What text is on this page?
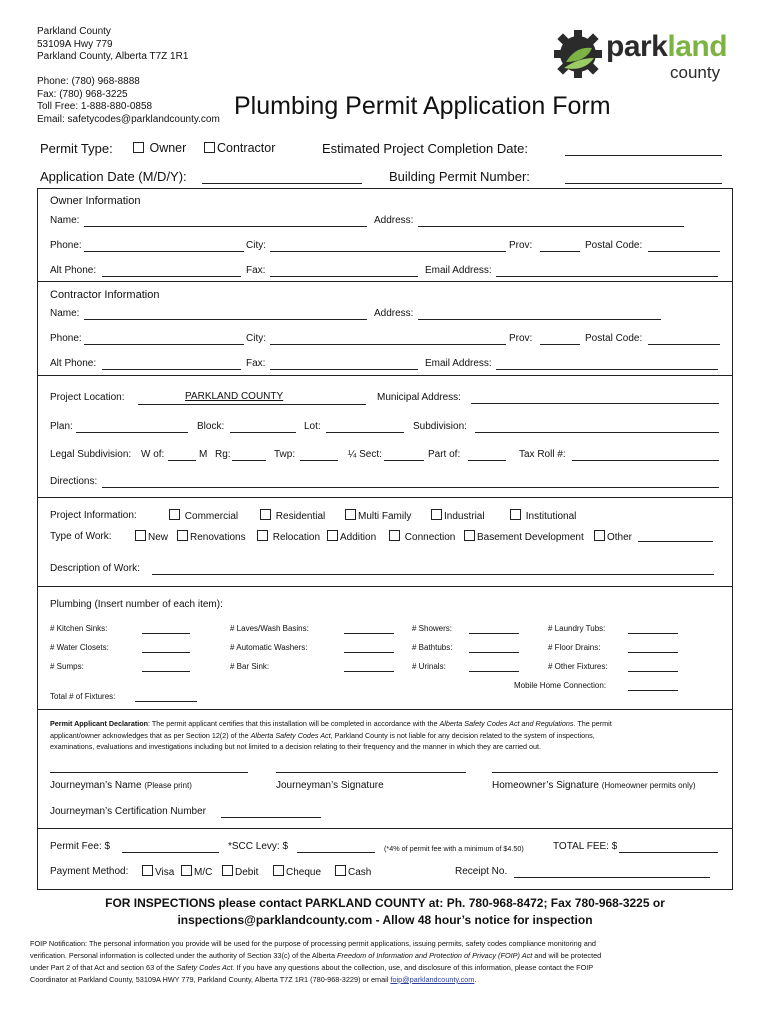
Parkland County
53109A Hwy 779
Parkland County, Alberta T7Z 1R1
Phone: (780) 968-8888
Fax: (780) 968-3225
Toll Free: 1-888-880-0858
Email: safetycodes@parklandcounty.com
parkland
county
Plumbing Permit Application Form
Permit Type:	Owner	Contractor	Estimated Project Completion Date:
Application Date (M/D/Y):	Building Permit Number:
Owner Information
Name:	Address:
Phone:	City:	Prov:	Postal Code:
Alt Phone:	Fax:	Email Address:
Contractor Information
Name:	Address:
Phone:	City:	Prov:	Postal Code:
Alt Phone:	Fax:	Email Address:
Project Location:	PARKLAND COUNTY	Municipal Address:
Plan:	Block:	Lot:	Subdivision:
Legal Subdivision: W of:	M Rg:	Twp:	¼ Sect:	Part of:	Tax Roll #:
Directions:
Project Information:	Commercial	Residential	Multi Family	Industrial	Institutional
Type of Work:	New	Renovations	Relocation	Addition	Connection	Basement Development	Other
Description of Work:
Plumbing (Insert number of each item):
# Kitchen Sinks:	# Laves/Wash Basins:	# Showers:	# Laundry Tubs:
# Water Closets:	# Automatic Washers:	# Bathtubs:	# Floor Drains:
# Sumps:	# Bar Sink:	# Urinals:	# Other Fixtures:
Mobile Home Connection:
Total # of Fixtures:
Permit Applicant Declaration: The permit applicant certifies that this installation will be completed in accordance with the Alberta Safety Codes Act and Regulations. The permit
applicant/owner acknowledges that as per Section 12(2) of the Alberta Safety Codes Act, Parkland County is not liable for any decision related to the system of inspections,
examinations, evaluations and investigations including but not limited to a decision relating to their frequency and the manner in which they are carried out.
Journeyman’s Name (Please print)	Journeyman’s Signature	Homeowner’s Signature (Homeowner permits only)
Journeyman’s Certification Number
Permit Fee: $	*SCC Levy: $	(*4% of permit fee with a minimum of $4.50)	TOTAL FEE: $
Payment Method:	Visa	M/C	Debit	Cheque	Cash	Receipt No.
FOR INSPECTIONS please contact PARKLAND COUNTY at: Ph. 780-968-8472; Fax 780-968-3225 or
inspections@parklandcounty.com - Allow 48 hour’s notice for inspection
FOIP Notification: The personal information you provide will be used for the purpose of processing permit applications, issuing permits, safety codes compliance monitoring and
verification. Personal information is collected under the authority of Section 33(c) of the Alberta Freedom of Information and Protection of Privacy (FOIP) Act and will be protected
under Part 2 of that Act and section 63 of the Safety Codes Act. If you have any questions about the collection, use, and disclosure of this information, please contact the FOIP
Coordinator at Parkland County, 53109A HWY 779, Parkland County, Alberta T7Z 1R1 (780-968-3229) or email foip@parklandcounty.com.
